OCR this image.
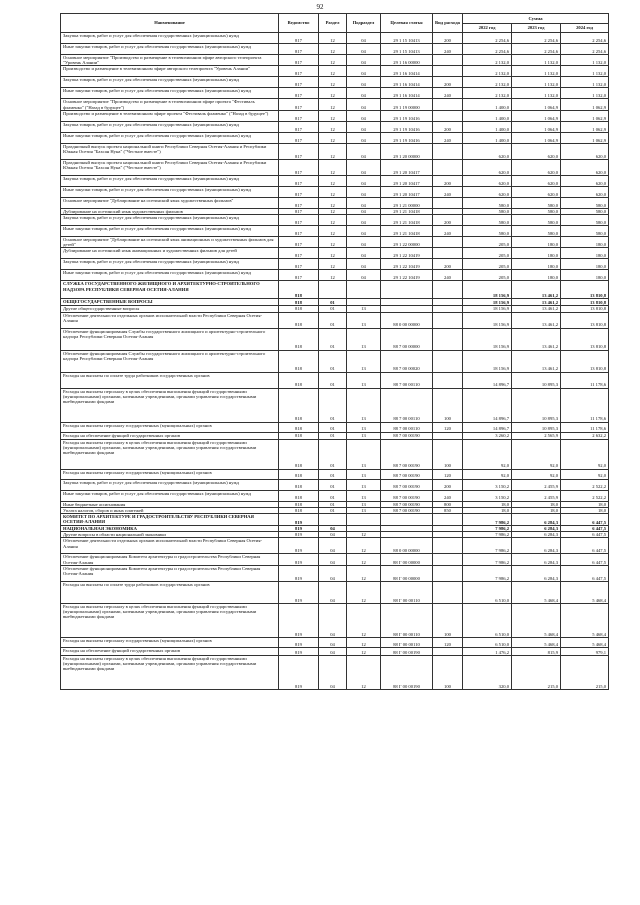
92
Наименование	Ведомство	Раздел	Подраздел	Целевая статья	Вид расхода	Сумма		
						2022 год	2023 год	2024 год
Закупка товаров, работ и услуг для обеспечения государственных (муниципальных) нужд	817	12	04	29 1 15 10413	200	2 254,6	2 254,6	2 254,6
Иные закупки товаров, работ и услуг для обеспечения государственных (муниципальных) нужд	817	12	04	29 1 15 10413	240	2 254,6	2 254,6	2 254,6
Основное мероприятие "Производство и размещение в телевизионном эфире авторского телепроекта "Уровень Алании"	817	12	04	29 1 16 00000		2 132,0	1 132,0	1 132,0
Производство и размещение в телевизионном эфире авторского телепроекта "Уровень Алании"	817	12	04	29 1 16 10414		2 132,0	1 132,0	1 132,0
Закупка товаров, работ и услуг для обеспечения государственных (муниципальных) нужд	817	12	04	29 1 16 10414	200	2 132,0	1 132,0	1 132,0
Иные закупки товаров, работ и услуг для обеспечения государственных (муниципальных) нужд	817	12	04	29 1 16 10414	240	2 132,0	1 132,0	1 132,0
Основное мероприятие "Производство и размещение в телевизионном эфире проекта "Фестиваль фламенко" ("Назад в будущее")	817	12	04	29 1 19 00000		1 400,0	1 064,9	1 062,9
Производство и размещение в телевизионном эфире проекта "Фестиваль фламенко" ("Назад в будущее")	817	12	04	29 1 19 10416		1 400,0	1 064,9	1 062,9
Закупка товаров, работ и услуг для обеспечения государственных (муниципальных) нужд	817	12	04	29 1 19 10416	200	1 400,0	1 064,9	1 062,9
Иные закупки товаров, работ и услуг для обеспечения государственных (муниципальных) нужд	817	12	04	29 1 19 10416	240	1 400,0	1 064,9	1 062,9
Праздничный выпуск проекта национальной книги Республики Северная Осетия-Алания и Республики Южная Осетия "Бахсан Нуна" ("Честное вместе")	817	12	04	29 1 20 00000		620,0	620,0	620,0
Праздничный выпуск проекта национальной книги Республики Северная Осетия-Алания и Республики Южная Осетия "Бахсан Нуна" ("Честное вместе")	817	12	04	29 1 20 10417		620,0	620,0	620,0
Закупка товаров, работ и услуг для обеспечения государственных (муниципальных) нужд	817	12	04	29 1 20 10417	200	620,0	620,0	620,0
Иные закупки товаров, работ и услуг для обеспечения государственных (муниципальных) нужд	817	12	04	29 1 20 10417	240	620,0	620,0	620,0
Основное мероприятие "Дублирование на осетинский язык художественных фильмов"	817	12	04	29 1 21 00000		580,0	580,0	580,0
Дублирование на осетинский язык художественных фильмов	817	12	04	29 1 21 10418		580,0	580,0	580,0
Закупка товаров, работ и услуг для обеспечения государственных (муниципальных) нужд	817	12	04	29 1 21 10418	200	580,0	580,0	580,0
Иные закупки товаров, работ и услуг для обеспечения государственных (муниципальных) нужд	817	12	04	29 1 21 10418	240	580,0	580,0	580,0
Основное мероприятие "Дублирование на осетинский язык анимационных и художественных фильмов для детей"	817	12	04	29 1 22 00000		205,0	180,0	180,0
Дублирование на осетинский язык анимационных и художественных фильмов для детей	817	12	04	29 1 22 10419		205,0	180,0	180,0
Закупка товаров, работ и услуг для обеспечения государственных (муниципальных) нужд	817	12	04	29 1 22 10419	200	205,0	180,0	180,0
Иные закупки товаров, работ и услуг для обеспечения государственных (муниципальных) нужд	817	12	04	29 1 22 10419	240	205,0	180,0	180,0
СЛУЖБА ГОСУДАРСТВЕННОГО ЖИЛИЩНОГО И АРХИТЕКТУРНО-СТРОИТЕЛЬНОГО НАДЗОРА РЕСПУБЛИКИ СЕВЕРНАЯ ОСЕТИЯ-АЛАНИЯ	818					18 156,9	13 461,2	13 810,8
ОБЩЕГОСУДАРСТВЕННЫЕ ВОПРОСЫ	818	01				18 156,9	13 461,2	13 810,8
Другие общегосударственные вопросы	818	01	13			18 156,9	13 461,2	13 810,8
Обеспечение деятельности отдельных органов исполнительной власти Республики Северная Осетия-Алания	818	01	13	88 0 00 00000		18 156,9	13 461,2	13 810,8
Обеспечение функционирования Службы государственного жилищного и архитектурно-строительного надзора Республики Северная Осетия-Алания	818	01	13	88 7 00 00000		18 156,9	13 461,2	13 810,8
Обеспечение функционирования Службы государственного жилищного и архитектурно-строительного надзора Республики Северная Осетия-Алания	818	01	13	88 7 00 00020		18 156,9	13 461,2	13 810,8
Расходы на выплаты по оплате труда работников государственных органов	818	01	13	88 7 00 00110		14 896,7	10 895,3	11 178,6
Расходы на выплаты персоналу в целях обеспечения выполнения функций государственными (муниципальными) органами, казенными учреждениями, органами управления государственными внебюджетными фондами	818	01	13	88 7 00 00110	100	14 896,7	10 895,3	11 178,6
Расходы на выплаты персоналу государственных (муниципальных) органов	818	01	13	88 7 00 00110	120	14 896,7	10 895,3	11 178,6
Расходы на обеспечение функций государственных органов	818	01	13	88 7 00 00190		3 260,2	2 565,9	2 632,2
Расходы на выплаты персоналу в целях обеспечения выполнения функций государственными (муниципальными) органами, казенными учреждениями, органами управления государственными внебюджетными фондами	818	01	13	88 7 00 00190	100	92,0	92,0	92,0
Расходы на выплаты персоналу государственных (муниципальных) органов	818	01	13	88 7 00 00190	120	92,0	92,0	92,0
Закупка товаров, работ и услуг для обеспечения государственных (муниципальных) нужд	818	01	13	88 7 00 00190	200	3 150,2	2 455,9	2 522,2
Иные закупки товаров, работ и услуг для обеспечения государственных (муниципальных) нужд	818	01	13	88 7 00 00190	240	3 150,2	2 455,9	2 522,2
Иные бюджетные ассигнования	818	01	13	88 7 00 00190	800	18,0	18,0	18,0
Уплата налогов, сборов и иных платежей	818	01	13	88 7 00 00190	850	18,0	18,0	18,0
КОМИТЕТ ПО АРХИТЕКТУРЕ И ГРАДОСТРОИТЕЛЬСТВУ РЕСПУБЛИКИ СЕВЕРНАЯ ОСЕТИЯ-АЛАНИЯ	819					7 986,2	6 284,3	6 447,5
НАЦИОНАЛЬНАЯ ЭКОНОМИКА	819	04				7 986,2	6 284,3	6 447,5
Другие вопросы в области национальной экономики	819	04	12			7 986,2	6 284,3	6 447,5
Обеспечение деятельности отдельных органов исполнительной власти Республики Северная Осетия-Алания	819	04	12	88 0 00 00000		7 986,2	6 284,3	6 447,5
Обеспечение функционирования Комитета архитектуры и градостроительства Республики Северная Осетия-Алания	819	04	12	88 Г 00 00000		7 986,2	6 284,3	6 447,5
Обеспечение функционирования Комитета архитектуры и градостроительства Республики Северная Осетия-Алания	819	04	12	88 Г 00 00000		7 986,2	6 284,3	6 447,5
Расходы на выплаты по оплате труда работников государственных органов	819	04	12	88 Г 00 00110		6 510,0	5 468,4	5 468,4
Расходы на выплаты персоналу в целях обеспечения выполнения функций государственными (муниципальными) органами, казенными учреждениями, органами управления государственными внебюджетными фондами	819	04	12	88 Г 00 00110	100	6 510,0	5 468,4	5 468,4
Расходы на выплаты персоналу государственных (муниципальных) органов	819	04	12	88 Г 00 00110	120	6 510,0	5 468,4	5 468,4
Расходы на обеспечение функций государственных органов	819	04	12	88 Г 00 00190		1 476,2	815,9	979,1
Расходы на выплаты персоналу в целях обеспечения выполнения функций государственными (муниципальными) органами, казенными учреждениями, органами управления государственными внебюджетными фондами	819	04	12	88 Г 00 00190	100	320,0	215,0	215,0
